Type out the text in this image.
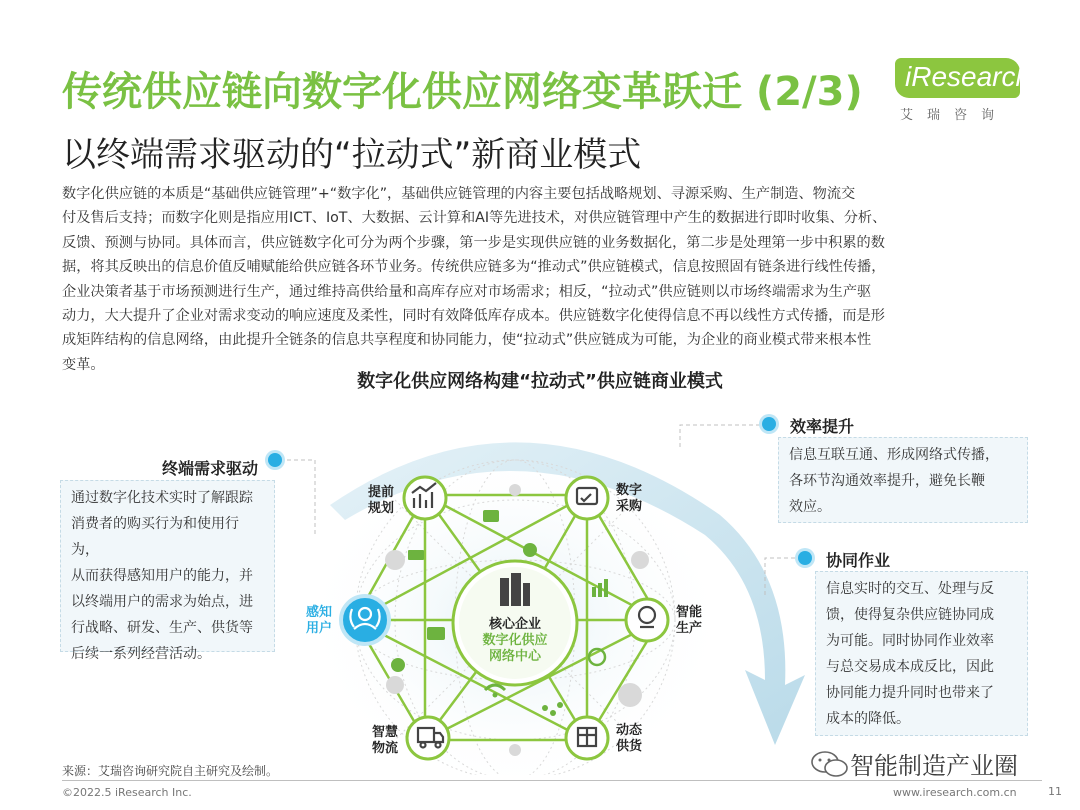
传统供应链向数字化供应网络变革跃迁 (2/3) iResearch
艾瑞咨询
以终端需求驱动的“拉动式”新商业模式
数字化供应链的本质是“基础供应链管理”+“数字化”，基础供应链管理的内容主要包括战略规划、寻源采购、生产制造、物流交
付及售后支持；而数字化则是指应用ICT、IoT、大数据、云计算和AI等先进技术，对供应链管理中产生的数据进行即时收集、分析、
反馈、预测与协同。具体而言，供应链数字化可分为两个步骤，第一步是实现供应链的业务数据化，第二步是处理第一步中积累的数
据，将其反映出的信息价值反哺赋能给供应链各环节业务。传统供应链多为“推动式”供应链模式，信息按照固有链条进行线性传播，
企业决策者基于市场预测进行生产，通过维持高供给量和高库存应对市场需求；相反，“拉动式”供应链则以市场终端需求为生产驱
动力，大大提升了企业对需求变动的响应速度及柔性，同时有效降低库存成本。供应链数字化使得信息不再以线性方式传播，而是形
成矩阵结构的信息网络，由此提升全链条的信息共享程度和协同能力，使“拉动式”供应链成为可能，为企业的商业模式带来根本性
变革。
数字化供应网络构建“拉动式”供应链商业模式
终端需求驱动
通过数字化技术实时了解跟踪
消费者的购买行为和使用行为，
从而获得感知用户的能力，并
以终端用户的需求为始点，进
行战略、研发、生产、供货等
后续一系列经营活动。
效率提升
信息互联互通、形成网络式传播，
各环节沟通效率提升，避免长鞭
效应。
协同作业
信息实时的交互、处理与反
馈，使得复杂供应链协同成
为可能。同时协同作业效率
与总交易成本成反比，因此
协同能力提升同时也带来了
成本的降低。
提前
规划
数字
采购
智能
生产
动态
供货
智慧
物流
感知
用户	核心企业
数字化供应
网络中心
来源：艾瑞咨询研究院自主研究及绘制。	智能制造产业圈
©2022.5 iResearch Inc.	www.iresearch.com.cn	11
